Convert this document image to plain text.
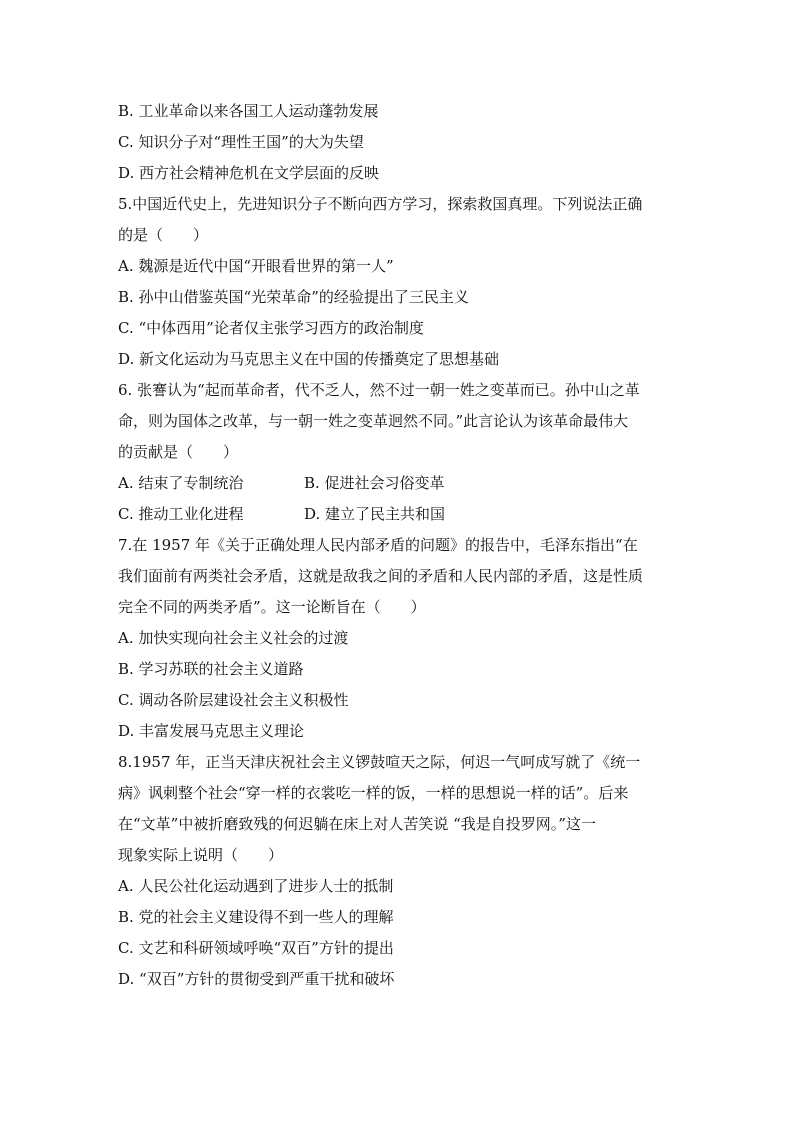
B. 工业革命以来各国工人运动蓬勃发展
C. 知识分子对“理性王国”的大为失望
D. 西方社会精神危机在文学层面的反映
5.中国近代史上，先进知识分子不断向西方学习，探索救国真理。下列说法正确
的是（　　）
A. 魏源是近代中国“开眼看世界的第一人”
B. 孙中山借鉴英国“光荣革命”的经验提出了三民主义
C. “中体西用”论者仅主张学习西方的政治制度
D. 新文化运动为马克思主义在中国的传播奠定了思想基础
6. 张謇认为“起而革命者，代不乏人，然不过一朝一姓之变革而已。孙中山之革
命，则为国体之改革，与一朝一姓之变革迥然不同。”此言论认为该革命最伟大
的贡献是（　　）
A. 结束了专制统治	B. 促进社会习俗变革
C. 推动工业化进程	D. 建立了民主共和国
7.在 1957 年《关于正确处理人民内部矛盾的问题》的报告中，毛泽东指出“在
我们面前有两类社会矛盾，这就是敌我之间的矛盾和人民内部的矛盾，这是性质
完全不同的两类矛盾”。这一论断旨在（　　）
A. 加快实现向社会主义社会的过渡
B. 学习苏联的社会主义道路
C. 调动各阶层建设社会主义积极性
D. 丰富发展马克思主义理论
8.1957 年，正当天津庆祝社会主义锣鼓喧天之际，何迟一气呵成写就了《统一
病》讽刺整个社会“穿一样的衣裳吃一样的饭，一样的思想说一样的话”。后来
在“文革”中被折磨致残的何迟躺在床上对人苦笑说 “我是自投罗网。”这一
现象实际上说明（　　）
A. 人民公社化运动遇到了进步人士的抵制
B. 党的社会主义建设得不到一些人的理解
C. 文艺和科研领域呼唤“双百”方针的提出
D. “双百”方针的贯彻受到严重干扰和破坏
